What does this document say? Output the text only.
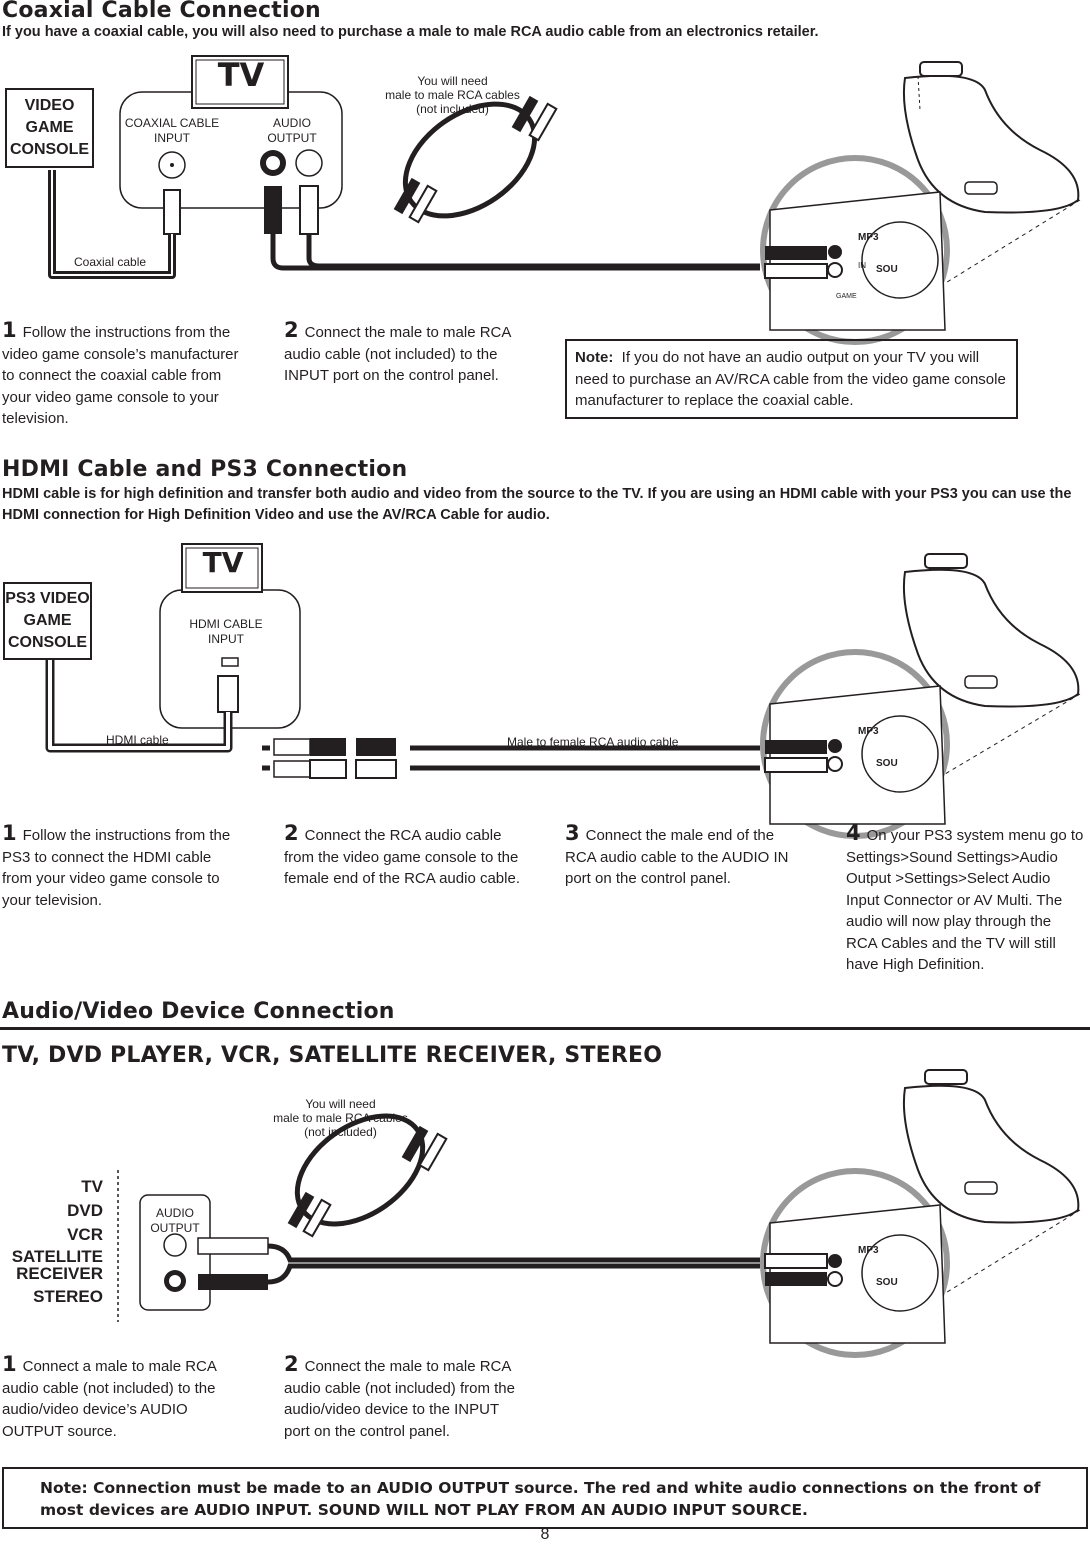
Coaxial Cable Connection
If you have a coaxial cable, you will also need to purchase a male to male RCA audio cable from an electronics retailer.
VIDEO
GAME
CONSOLE
Coaxial cable
MP3
SOU
IN
GAME
TV
COAXIAL CABLE
INPUT
AUDIO
OUTPUT
You will need
male to male RCA cables
(not included)
1 Follow the instructions from the video game console’s manufacturer to connect the coaxial cable from your video game console to your television.
2 Connect the male to male RCA audio cable (not included) to the INPUT port on the control panel.
Note: If you do not have an audio output on your TV you will need to purchase an AV/RCA cable from the video game console manufacturer to replace the coaxial cable.
HDMI Cable and PS3 Connection
HDMI cable is for high definition and transfer both audio and video from the source to the TV. If you are using an HDMI cable with your PS3 you can use the HDMI connection for High Definition Video and use the AV/RCA Cable for audio.
PS3 VIDEO
GAME
CONSOLE
HDMI cable	Male to female RCA audio cable
MP3
SOU
TV
HDMI CABLE
INPUT
1 Follow the instructions from the PS3 to connect the HDMI cable from your video game console to your television.
2 Connect the RCA audio cable from the video game console to the female end of the RCA audio cable.
3 Connect the male end of the RCA audio cable to the AUDIO IN port on the control panel.
4 On your PS3 system menu go to Settings>Sound Settings>Audio Output >Settings>Select Audio Input Connector or AV Multi. The audio will now play through the RCA Cables and the TV will still have High Definition.
Audio/Video Device Connection
TV, DVD PLAYER, VCR, SATELLITE RECEIVER, STEREO
TV
DVD
VCR
SATELLITE
RECEIVER
STEREO
MP3
SOU
AUDIO
OUTPUT
You will need
male to male RCA cables
(not included)
1 Connect a male to male RCA audio cable (not included) to the audio/video device’s AUDIO OUTPUT source.
2 Connect the male to male RCA audio cable (not included) from the audio/video device to the INPUT port on the control panel.
Note: Connection must be made to an AUDIO OUTPUT source. The red and white audio connections on the front of most devices are AUDIO INPUT. SOUND WILL NOT PLAY FROM AN AUDIO INPUT SOURCE.
8
